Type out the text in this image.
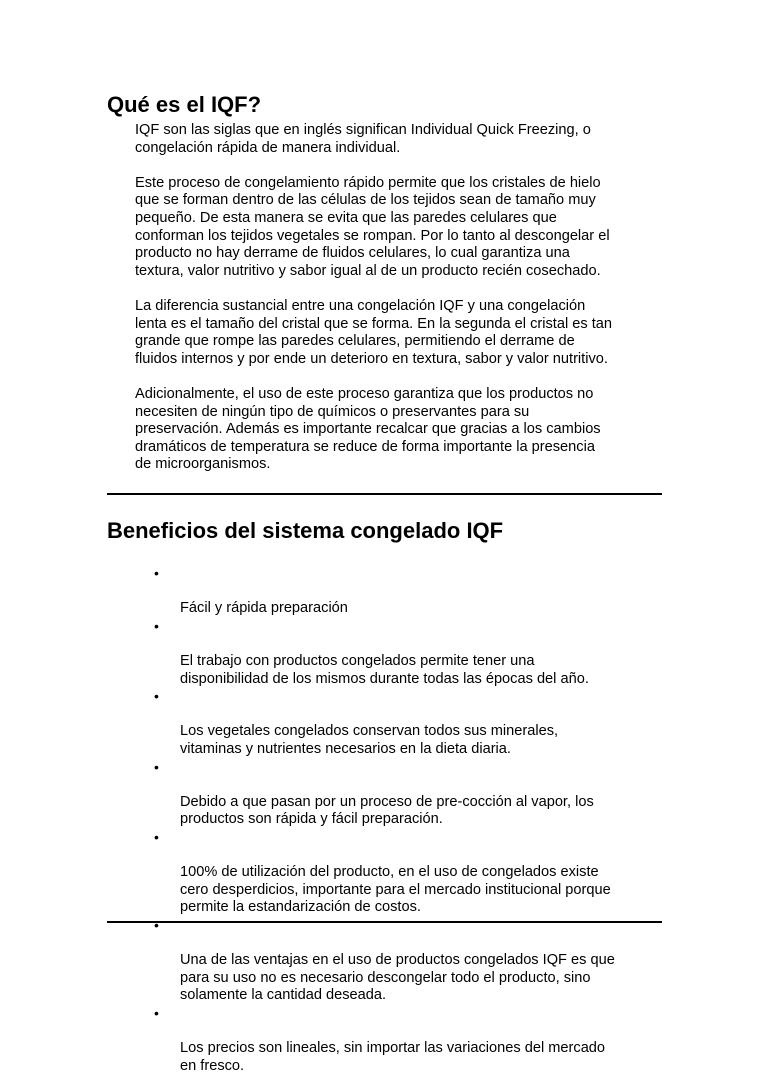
Qué es el IQF?

IQF son las siglas que en inglés significan Individual Quick Freezing, o
congelación rápida de manera individual.

Este proceso de congelamiento rápido permite que los cristales de hielo
que se forman dentro de las células de los tejidos sean de tamaño muy
pequeño. De esta manera se evita que las paredes celulares que
conforman los tejidos vegetales se rompan. Por lo tanto al descongelar el
producto no hay derrame de fluidos celulares, lo cual garantiza una
textura, valor nutritivo y sabor igual al de un producto recién cosechado.

La diferencia sustancial entre una congelación IQF y una congelación
lenta es el tamaño del cristal que se forma. En la segunda el cristal es tan
grande que rompe las paredes celulares, permitiendo el derrame de
fluidos internos y por ende un deterioro en textura, sabor y valor nutritivo.

Adicionalmente, el uso de este proceso garantiza que los productos no
necesiten de ningún tipo de químicos o preservantes para su
preservación. Además es importante recalcar que gracias a los cambios
dramáticos de temperatura se reduce de forma importante la presencia
de microorganismos.

Beneficios del sistema congelado IQF

•

Fácil y rápida preparación

•

El trabajo con productos congelados permite tener una
disponibilidad de los mismos durante todas las épocas del año.

•

Los vegetales congelados conservan todos sus minerales,
vitaminas y nutrientes necesarios en la dieta diaria.

•

Debido a que pasan por un proceso de pre-cocción al vapor, los
productos son rápida y fácil preparación.

•

100% de utilización del producto, en el uso de congelados existe
cero desperdicios, importante para el mercado institucional porque
permite la estandarización de costos.

•

Una de las ventajas en el uso de productos congelados IQF es que
para su uso no es necesario descongelar todo el producto, sino
solamente la cantidad deseada.

•

Los precios son lineales, sin importar las variaciones del mercado
en fresco.
